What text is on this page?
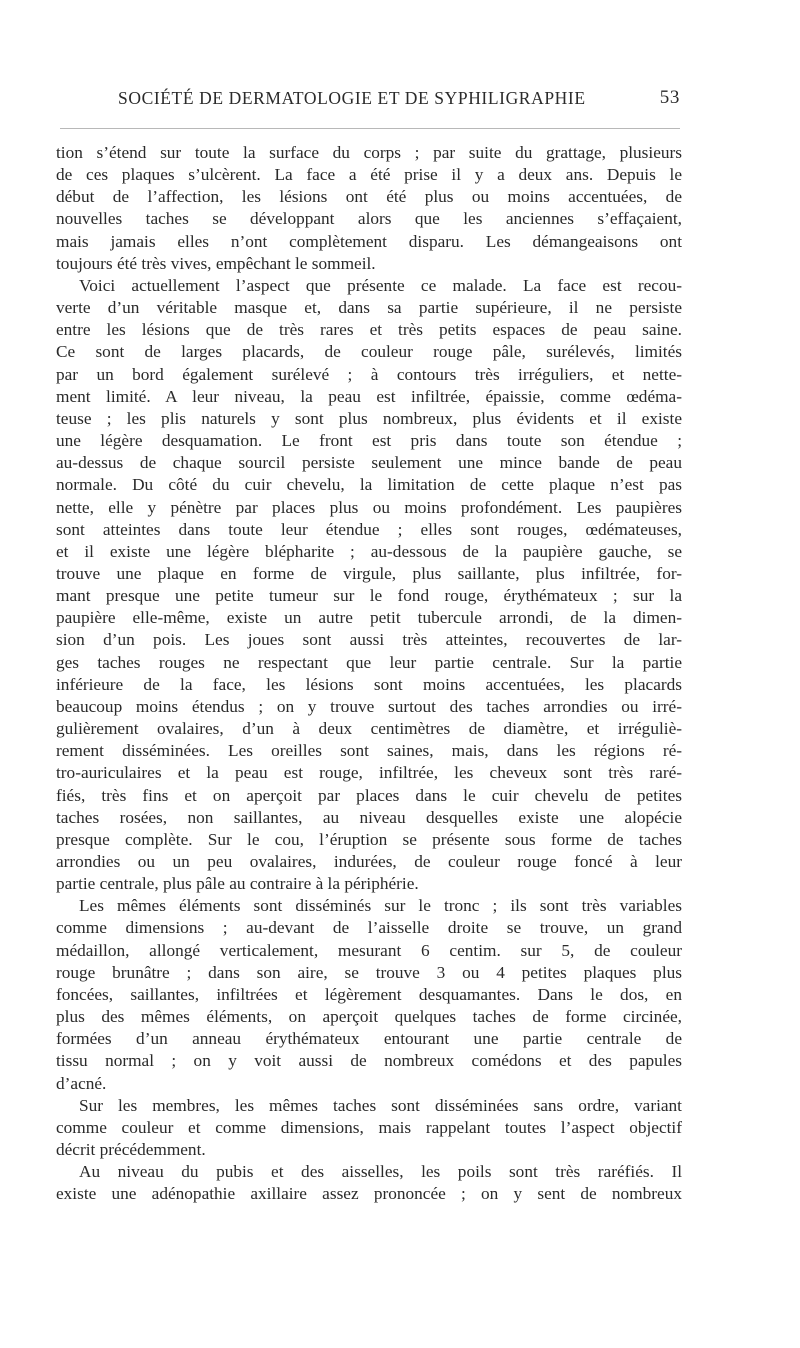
SOCIÉTÉ DE DERMATOLOGIE ET DE SYPHILIGRAPHIE	53

tion s’étend sur toute la surface du corps ; par suite du grattage, plusieurs

de ces plaques s’ulcèrent. La face a été prise il y a deux ans. Depuis le

début de l’affection, les lésions ont été plus ou moins accentuées, de

nouvelles taches se développant alors que les anciennes s’effaçaient,

mais jamais elles n’ont complètement disparu. Les démangeaisons ont

toujours été très vives, empêchant le sommeil.

Voici actuellement l’aspect que présente ce malade. La face est recou-

verte d’un véritable masque et, dans sa partie supérieure, il ne persiste

entre les lésions que de très rares et très petits espaces de peau saine.

Ce sont de larges placards, de couleur rouge pâle, surélevés, limités

par un bord également surélevé ; à contours très irréguliers, et nette-

ment limité. A leur niveau, la peau est infiltrée, épaissie, comme œdéma-

teuse ; les plis naturels y sont plus nombreux, plus évidents et il existe

une légère desquamation. Le front est pris dans toute son étendue ;

au-dessus de chaque sourcil persiste seulement une mince bande de peau

normale. Du côté du cuir chevelu, la limitation de cette plaque n’est pas

nette, elle y pénètre par places plus ou moins profondément. Les paupières

sont atteintes dans toute leur étendue ; elles sont rouges, œdémateuses,

et il existe une légère blépharite ; au-dessous de la paupière gauche, se

trouve une plaque en forme de virgule, plus saillante, plus infiltrée, for-

mant presque une petite tumeur sur le fond rouge, érythémateux ; sur la

paupière elle-même, existe un autre petit tubercule arrondi, de la dimen-

sion d’un pois. Les joues sont aussi très atteintes, recouvertes de lar-

ges taches rouges ne respectant que leur partie centrale. Sur la partie

inférieure de la face, les lésions sont moins accentuées, les placards

beaucoup moins étendus ; on y trouve surtout des taches arrondies ou irré-

gulièrement ovalaires, d’un à deux centimètres de diamètre, et irréguliè-

rement disséminées. Les oreilles sont saines, mais, dans les régions ré-

tro-auriculaires et la peau est rouge, infiltrée, les cheveux sont très raré-

fiés, très fins et on aperçoit par places dans le cuir chevelu de petites

taches rosées, non saillantes, au niveau desquelles existe une alopécie

presque complète. Sur le cou, l’éruption se présente sous forme de taches

arrondies ou un peu ovalaires, indurées, de couleur rouge foncé à leur

partie centrale, plus pâle au contraire à la périphérie.

Les mêmes éléments sont disséminés sur le tronc ; ils sont très variables

comme dimensions ; au-devant de l’aisselle droite se trouve, un grand

médaillon, allongé verticalement, mesurant 6 centim. sur 5, de couleur

rouge brunâtre ; dans son aire, se trouve 3 ou 4 petites plaques plus

foncées, saillantes, infiltrées et légèrement desquamantes. Dans le dos, en

plus des mêmes éléments, on aperçoit quelques taches de forme circinée,

formées d’un anneau érythémateux entourant une partie centrale de

tissu normal ; on y voit aussi de nombreux comédons et des papules

d’acné.

Sur les membres, les mêmes taches sont disséminées sans ordre, variant

comme couleur et comme dimensions, mais rappelant toutes l’aspect objectif

décrit précédemment.

Au niveau du pubis et des aisselles, les poils sont très raréfiés. Il

existe une adénopathie axillaire assez prononcée ; on y sent de nombreux
